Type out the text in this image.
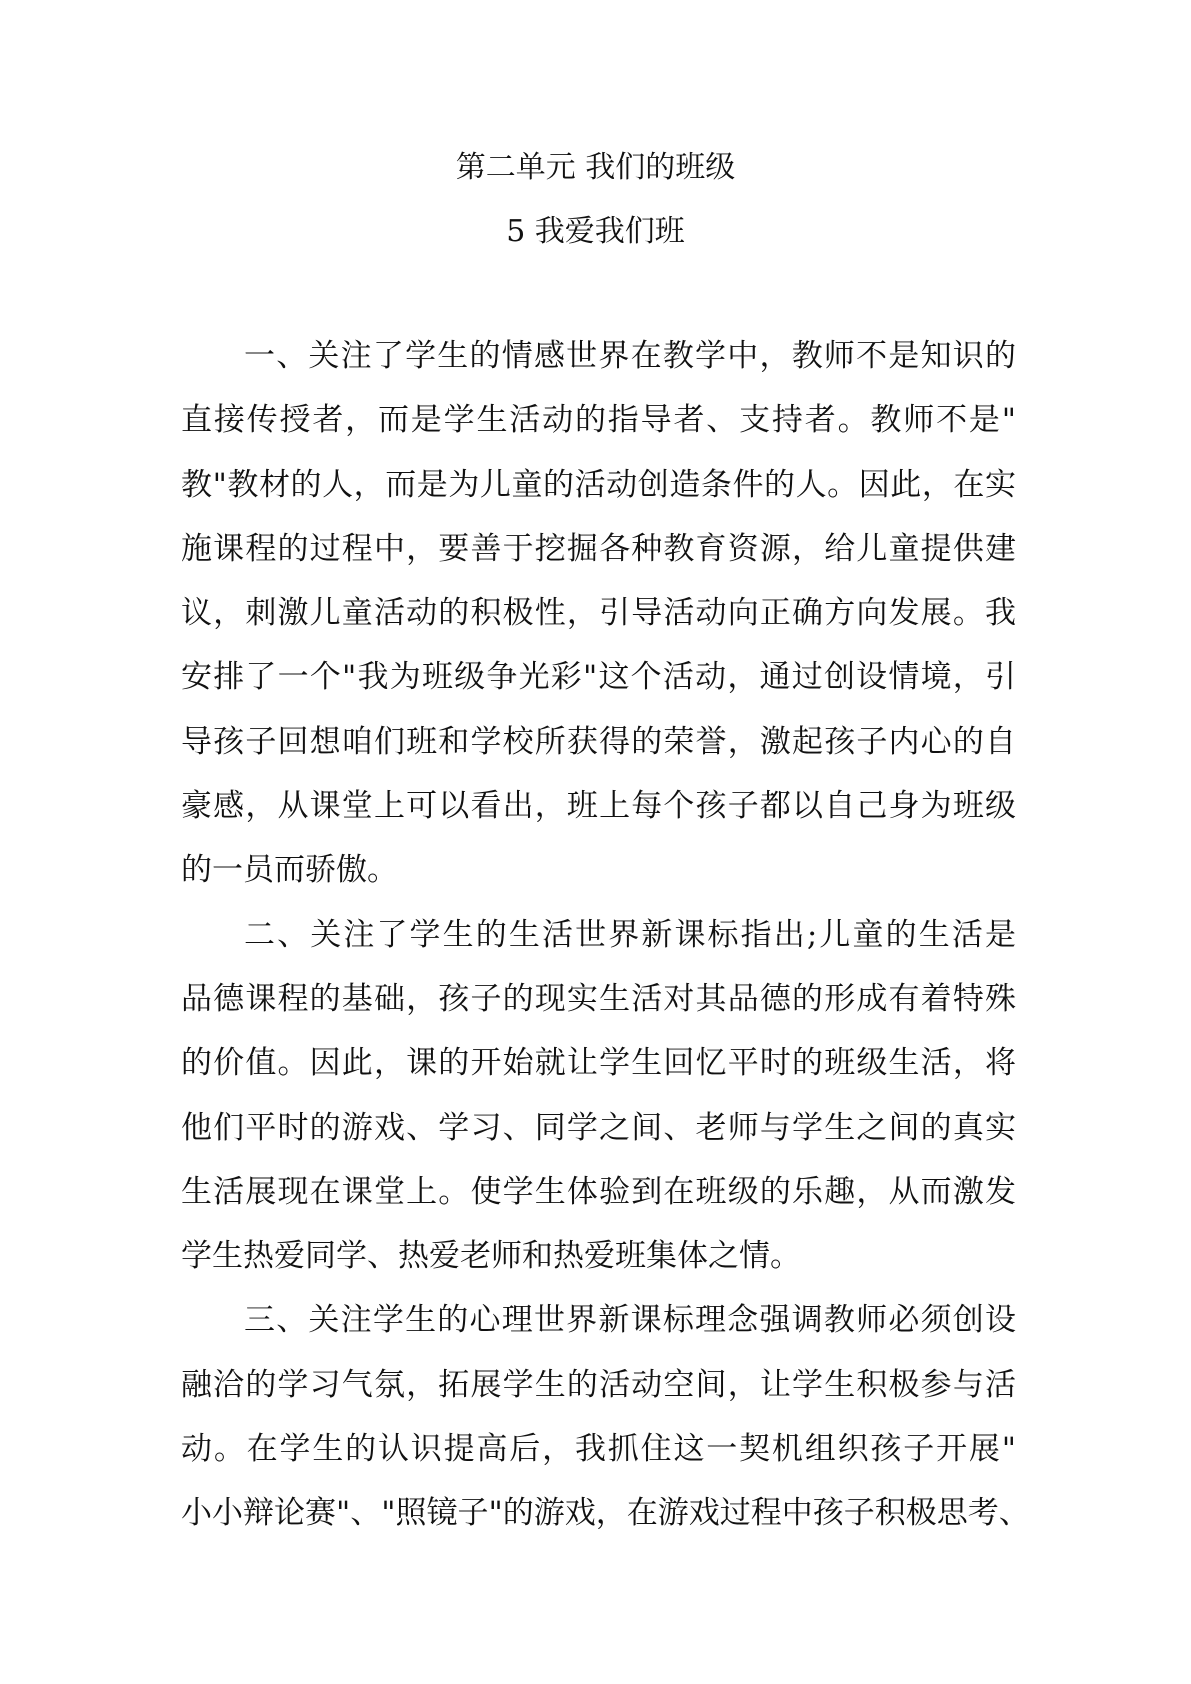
第二单元 我们的班级
5 我爱我们班
一、关注了学生的情感世界在教学中，教师不是知识的
直接传授者，而是学生活动的指导者、支持者。教师不是"
教"教材的人，而是为儿童的活动创造条件的人。因此，在实
施课程的过程中，要善于挖掘各种教育资源，给儿童提供建
议，刺激儿童活动的积极性，引导活动向正确方向发展。我
安排了一个"我为班级争光彩"这个活动，通过创设情境，引
导孩子回想咱们班和学校所获得的荣誉，激起孩子内心的自
豪感，从课堂上可以看出，班上每个孩子都以自己身为班级
的一员而骄傲。
二、关注了学生的生活世界新课标指出;儿童的生活是
品德课程的基础，孩子的现实生活对其品德的形成有着特殊
的价值。因此，课的开始就让学生回忆平时的班级生活，将
他们平时的游戏、学习、同学之间、老师与学生之间的真实
生活展现在课堂上。使学生体验到在班级的乐趣，从而激发
学生热爱同学、热爱老师和热爱班集体之情。
三、关注学生的心理世界新课标理念强调教师必须创设
融洽的学习气氛，拓展学生的活动空间，让学生积极参与活
动。在学生的认识提高后，我抓住这一契机组织孩子开展"
小小辩论赛"、"照镜子"的游戏，在游戏过程中孩子积极思考、
